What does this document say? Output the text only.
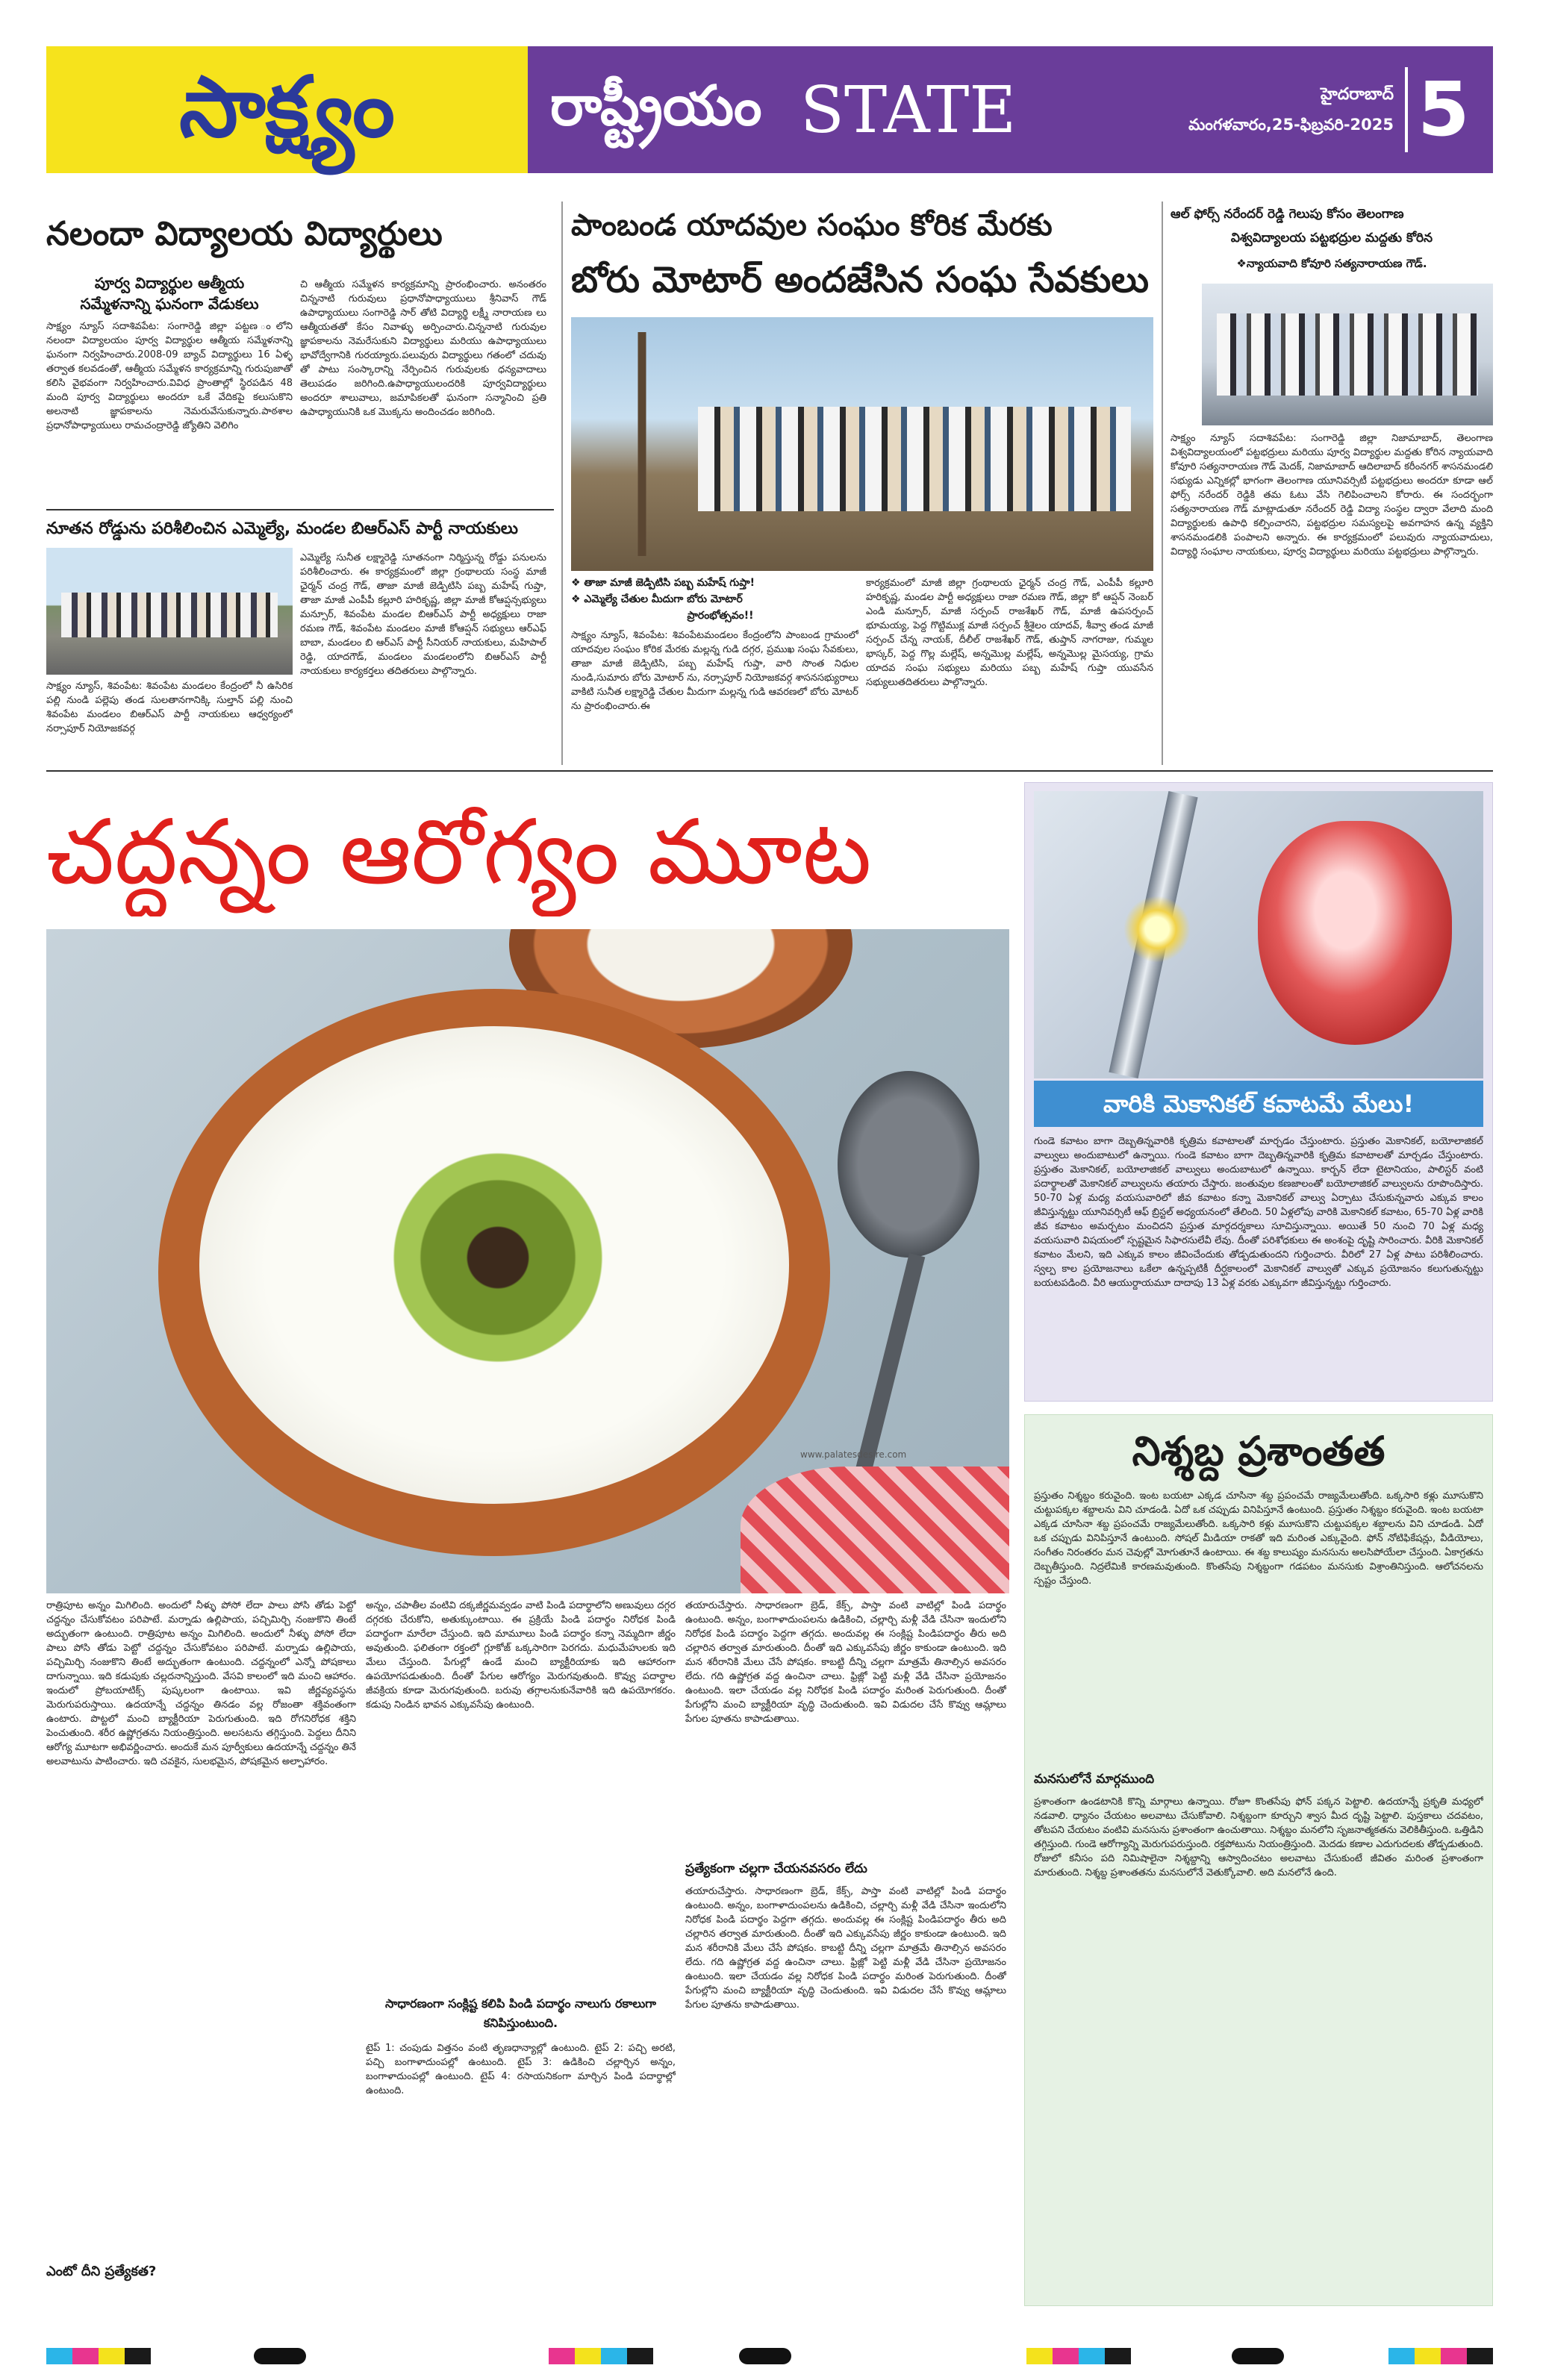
సాక్ష్యం	రాష్ట్రీయం STATE	హైదరాబాద్
మంగళవారం,25-ఫిబ్రవరి-2025 5
నలందా విద్యాలయ విద్యార్థులు
పూర్వ విద్యార్థుల ఆత్మీయ
సమ్మేళనాన్ని ఘనంగా వేడుకలు
సాక్ష్యం న్యూస్ సదాశివపేట: సంగారెడ్డి జిల్లా పట్టణ ంలోని నలందా విద్యాలయం పూర్వ విద్యార్థుల ఆత్మీయ సమ్మేళనాన్ని ఘనంగా నిర్వహించారు.2008-09 బ్యాచ్ విద్యార్థులు 16 ఏళ్ళ తర్వాత కలవడంతో, ఆత్మీయ సమ్మేళన కార్యక్రమాన్ని గురుపుజాతో కలిసి వైభవంగా నిర్వహించారు.వివిధ ప్రాంతాల్లో స్థిరపడిన 48 మంది పూర్వ విద్యార్థులు అందరూ ఒకే వేదికపై కలుసుకొని అలనాటి జ్ఞాపకాలను నెమరువేసుకున్నారు.పాఠశాల ప్రధానోపాధ్యాయులు రామచంద్రారెడ్డి జ్యోతిని వెలిగిం
చి ఆత్మీయ సమ్మేళన కార్యక్రమాన్ని ప్రారంభించారు. అనంతరం చిన్ననాటి గురువులు ప్రధానోపాధ్యాయులు శ్రీనివాస్ గౌడ్ ఉపాధ్యాయులు సంగారెడ్డి సార్ తోటి విద్యార్థి లక్ష్మీ నారాయణ లు ఆత్మీయతతో కేసం నివాళ్ళు అర్పించారు.చిన్ననాటి గురువుల జ్ఞాపకాలను నెమరేసుకుని విద్యార్థులు మరియు ఉపాధ్యాయులు భావోద్వేగానికి గురయ్యారు.పలువురు విద్యార్థులు గతంలో చదువు తో పాటు సంస్కారాన్ని నేర్పించిన గురువులకు ధన్యవాదాలు తెలుపడం జరిగింది.ఉపాధ్యాయులందరికి పూర్వవిద్యార్థులు అందరూ శాలువాలు, జమాపికలతో ఘనంగా సన్మానించి ప్రతి ఉపాధ్యాయునికి ఒక మొక్కను అందించడం జరిగింది.
నూతన రోడ్డును పరిశీలించిన ఎమ్మెల్యే, మండల బిఆర్ఎస్ పార్టీ నాయకులు
సాక్ష్యం న్యూస్, శివంపేట: శివంపేట మండలం కేంద్రంలో నీ ఉసిరిక పల్లి నుండి పల్లెపు తండ సులతానగానిక్కి సుల్తాన్ పల్లి నుంచి శివంపేట మండలం బిఆర్ఎస్ పార్టీ నాయకులు ఆధ్వర్యంలో నర్సాపూర్ నియోజకవర్గ
ఎమ్మెల్యే సునీత లక్ష్మారెడ్డి సూతనంగా నిర్మిస్తున్న రోడ్డు పనులను పరిశీలించారు. ఈ కార్యక్రమంలో జిల్లా గ్రంథాలయ సంస్థ మాజీ ఛైర్మన్ చంద్ర గౌడ్, తాజా మాజీ జెడ్పిటిసి పబ్బ మహేష్ గుప్తా, తాజా మాజీ ఎంపీపీ కల్లూరి హరికృష్ణ, జిల్లా మాజీ కోఆప్షన్సభ్యులు మన్సూర్, శివంపేట మండల బిఆర్ఎస్ పార్టీ అధ్యక్షులు రాజా రమణ గౌడ్, శివంపేట మండలం మాజీ కోఆప్షన్ సభ్యులు ఆర్ఎఫ్ బాబా, మండలం బి ఆర్ఎస్ పార్టీ సీనియర్ నాయకులు, మహిపాల్ రెడ్డి, యాదగౌడ్, మండలం మండలంలోని బిఆర్ఎస్ పార్టీ నాయకులు కార్యకర్తలు తదితరులు పాల్గొన్నారు.
పాంబండ యాదవుల సంఘం కోరిక మేరకు
బోరు మోటార్ అందజేసిన సంఘ సేవకులు
❖ తాజా మాజీ జెడ్పిటిసి పబ్బ మహేష్ గుప్తా!
❖ ఎమ్మెల్యే చేతుల మీదుగా బోరు మోటార్
ప్రారంభోత్సవం!!
సాక్ష్యం న్యూస్, శివంపేట: శివంపేటమండలం కేంద్రంలోని పాంబండ గ్రామంలో యాదవుల సంఘం కోరిక మేరకు మల్లన్న గుడి దగ్గర, ప్రముఖ సంఘ సేవకులు, తాజా మాజీ జెడ్పిటిసి, పబ్బ మహేష్ గుప్తా, వారి సొంత నిధుల నుండి,సుమారు బోరు మోటార్ ను, నర్సాపూర్ నియోజకవర్గ శాసనసభ్యురాలు వాకిటి సునీత లక్ష్మారెడ్డి చేతుల మీదుగా మల్లన్న గుడి ఆవరణలో బోరు మోటర్ ను ప్రారంభించారు.ఈ
కార్యక్రమంలో మాజీ జిల్లా గ్రంథాలయ ఛైర్మన్ చంద్ర గౌడ్, ఎంపీపీ కల్లూరి హరికృష్ణ, మండల పార్టీ అధ్యక్షులు రాజా రమణ గౌడ్, జిల్లా కో ఆప్షన్ నెంబర్ ఎండి మన్సూర్, మాజీ సర్పంచ్ రాజశేఖర్ గౌడ్, మాజీ ఉపసర్పంచ్ భూమయ్య, పెద్ద గొట్టిముక్ల మాజీ సర్పంచ్ శ్రీశైలం యాదవ్, శీవ్వా తండ మాజీ సర్పంచ్ చేన్న నాయక్, దీలీల్ రాజశేఖర్ గౌడ్, తుప్తాన్ నాగరాజు, గుమ్మల భాస్కర్, పెద్ద గొల్ల మల్లేష్, అన్నమొల్ల మల్లేష్, అన్నమొల్ల మైసయ్య, గ్రామ యాదవ సంఘ సభ్యులు మరియు పబ్బ మహేష్ గుప్తా యువసేన సభ్యులుతదితరులు పాల్గొన్నారు.
ఆల్ ఫోర్స్ నరేందర్ రెడ్డి గెలుపు కోసం తెలంగాణ
విశ్వవిద్యాలయ పట్టభద్రుల మద్దతు కోరిన
❖న్యాయవాది కోవూరి సత్యనారాయణ గౌడ్.
సాక్ష్యం న్యూస్ సదాశివపేట: సంగారెడ్డి జిల్లా నిజామాబాద్, తెలంగాణ విశ్వవిద్యాలయంలో పట్టభద్రులు మరియు పూర్వ విద్యార్థుల మద్దతు కోరిన న్యాయవాది కోవూరి సత్యనారాయణ గౌడ్ మెదక్, నిజామాబాద్ ఆదిలాబాద్ కరీంనగర్ శాసనమండలి సభ్యుడు ఎన్నికల్లో భాగంగా తెలంగాణ యూనివర్సిటీ పట్టభద్రులు అందరూ కూడా ఆల్ ఫోర్స్ నరేందర్ రెడ్డికి తమ ఓటు వేసి గెలిపించాలని కోరారు. ఈ సందర్భంగా సత్యనారాయణ గౌడ్ మాట్లాడుతూ నరేందర్ రెడ్డి విద్యా సంస్థల ద్వారా వేలాది మంది విద్యార్థులకు ఉపాధి కల్పించారని, పట్టభద్రుల సమస్యలపై అవగాహన ఉన్న వ్యక్తిని శాసనమండలికి పంపాలని అన్నారు. ఈ కార్యక్రమంలో పలువురు న్యాయవాదులు, విద్యార్థి సంఘాల నాయకులు, పూర్వ విద్యార్థులు మరియు పట్టభద్రులు పాల్గొన్నారు.
చద్దన్నం ఆరోగ్యం మూట
www.palatesdesire.com
రాత్రిపూట అన్నం మిగిలింది. అందులో నీళ్ళు పోసో లేదా పాలు పోసి తోడు పెట్టో చద్దన్నం చేసుకోవటం పరిపాటే. మర్నాడు ఉల్లిపాయ, పచ్చిమిర్చి నంజుకొని తింటే అద్భుతంగా ఉంటుంది. రాత్రిపూట అన్నం మిగిలింది. అందులో నీళ్ళు పోసో లేదా పాలు పోసి తోడు పెట్టో చద్దన్నం చేసుకోవటం పరిపాటే. మర్నాడు ఉల్లిపాయ, పచ్చిమిర్చి నంజుకొని తింటే అద్భుతంగా ఉంటుంది. చద్దన్నంలో ఎన్నో పోషకాలు దాగున్నాయి. ఇది కడుపుకు చల్లదనాన్నిస్తుంది. వేసవి కాలంలో ఇది మంచి ఆహారం. ఇందులో ప్రోబయాటిక్స్ పుష్కలంగా ఉంటాయి. ఇవి జీర్ణవ్యవస్థను మెరుగుపరుస్తాయి. ఉదయాన్నే చద్దన్నం తినడం వల్ల రోజంతా శక్తివంతంగా ఉంటారు. పొట్టలో మంచి బ్యాక్టీరియా పెరుగుతుంది. ఇది రోగనిరోధక శక్తిని పెంచుతుంది. శరీర ఉష్ణోగ్రతను నియంత్రిస్తుంది. అలసటను తగ్గిస్తుంది. పెద్దలు దీనిని ఆరోగ్య మూటగా అభివర్ణించారు. అందుకే మన పూర్వీకులు ఉదయాన్నే చద్దన్నం తినే అలవాటును పాటించారు. ఇది చవకైన, సులభమైన, పోషకమైన అల్పాహారం.
ఎంటో దీని ప్రత్యేకత?
అన్నం, చపాతీల వంటివి దక్కజీర్ణమవ్వడం వాటి పిండి పదార్థాలోని అణువులు దగ్గర దగ్గరకు చేరుకోని, అతుక్కుంటాయి. ఈ ప్రక్రియే పిండి పదార్థం నిరోధక పిండి పదార్థంగా మారేలా చేస్తుంది. ఇది మామూలు పిండి పదార్థం కన్నా నెమ్మదిగా జీర్ణం అవుతుంది. ఫలితంగా రక్తంలో గ్లూకోజ్ ఒక్కసారిగా పెరగదు. మధుమేహులకు ఇది మేలు చేస్తుంది. పేగుల్లో ఉండే మంచి బ్యాక్టీరియాకు ఇది ఆహారంగా ఉపయోగపడుతుంది. దీంతో పేగుల ఆరోగ్యం మెరుగవుతుంది. కొవ్వు పదార్థాల జీవక్రియ కూడా మెరుగవుతుంది. బరువు తగ్గాలనుకునేవారికి ఇది ఉపయోగకరం. కడుపు నిండిన భావన ఎక్కువసేపు ఉంటుంది.
సాధారణంగా సంక్లిష్ట కలిపి పిండి పదార్థం నాలుగు రకాలుగా కనిపిస్తుంటుంది.
టైప్ 1: చంపుడు విత్తనం వంటి తృణధాన్యాల్లో ఉంటుంది. టైప్ 2: పచ్చి అరటి, పచ్చి బంగాళాదుంపల్లో ఉంటుంది. టైప్ 3: ఉడికించి చల్లార్చిన అన్నం, బంగాళాదుంపల్లో ఉంటుంది. టైప్ 4: రసాయనికంగా మార్చిన పిండి పదార్థాల్లో ఉంటుంది.
తయారుచేస్తారు. సాధారణంగా బ్రెడ్, కేక్స్, పాస్తా వంటి వాటిల్లో పిండి పదార్థం ఉంటుంది. అన్నం, బంగాళాదుంపలను ఉడికించి, చల్లార్చి మళ్లీ వేడి చేసినా ఇందులోని నిరోధక పిండి పదార్థం పెద్దగా తగ్గదు. అందువల్ల ఈ సంక్లిష్ట పిండిపదార్థం తీరు అది చల్లారిన తర్వాత మారుతుంది. దీంతో ఇది ఎక్కువసేపు జీర్ణం కాకుండా ఉంటుంది. ఇది మన శరీరానికి మేలు చేసే పోషకం. కాబట్టి దీన్ని చల్లగా మాత్రమే తినాల్సిన అవసరం లేదు. గది ఉష్ణోగ్రత వద్ద ఉంచినా చాలు. ఫ్రిజ్లో పెట్టి మళ్లీ వేడి చేసినా ప్రయోజనం ఉంటుంది. ఇలా చేయడం వల్ల నిరోధక పిండి పదార్థం మరింత పెరుగుతుంది. దీంతో పేగుల్లోని మంచి బ్యాక్టీరియా వృద్ధి చెందుతుంది. ఇవి విడుదల చేసే కొవ్వు ఆమ్లాలు పేగుల పూతను కాపాడుతాయి.
ప్రత్యేకంగా చల్లగా చేయనవసరం లేదు
తయారుచేస్తారు. సాధారణంగా బ్రెడ్, కేక్స్, పాస్తా వంటి వాటిల్లో పిండి పదార్థం ఉంటుంది. అన్నం, బంగాళాదుంపలను ఉడికించి, చల్లార్చి మళ్లీ వేడి చేసినా ఇందులోని నిరోధక పిండి పదార్థం పెద్దగా తగ్గదు. అందువల్ల ఈ సంక్లిష్ట పిండిపదార్థం తీరు అది చల్లారిన తర్వాత మారుతుంది. దీంతో ఇది ఎక్కువసేపు జీర్ణం కాకుండా ఉంటుంది. ఇది మన శరీరానికి మేలు చేసే పోషకం. కాబట్టి దీన్ని చల్లగా మాత్రమే తినాల్సిన అవసరం లేదు. గది ఉష్ణోగ్రత వద్ద ఉంచినా చాలు. ఫ్రిజ్లో పెట్టి మళ్లీ వేడి చేసినా ప్రయోజనం ఉంటుంది. ఇలా చేయడం వల్ల నిరోధక పిండి పదార్థం మరింత పెరుగుతుంది. దీంతో పేగుల్లోని మంచి బ్యాక్టీరియా వృద్ధి చెందుతుంది. ఇవి విడుదల చేసే కొవ్వు ఆమ్లాలు పేగుల పూతను కాపాడుతాయి.
వారికి మెకానికల్ కవాటమే మేలు!
గుండె కవాటం బాగా దెబ్బతిన్నవారికి కృత్రిమ కవాటాలతో మార్చడం చేస్తుంటారు. ప్రస్తుతం మెకానికల్, బయోలాజికల్ వాల్వులు అందుబాటులో ఉన్నాయి. గుండె కవాటం బాగా దెబ్బతిన్నవారికి కృత్రిమ కవాటాలతో మార్చడం చేస్తుంటారు. ప్రస్తుతం మెకానికల్, బయోలాజికల్ వాల్వులు అందుబాటులో ఉన్నాయి. కార్బన్ లేదా టైటానియం, పాలిస్టర్ వంటి పదార్థాలతో మెకానికల్ వాల్వులను తయారు చేస్తారు. జంతువుల కణజాలంతో బయోలాజికల్ వాల్వులను రూపొందిస్తారు. 50-70 ఏళ్ల మధ్య వయసువారిలో జీవ కవాటం కన్నా మెకానికల్ వాల్వు ఏర్పాటు చేసుకున్నవారు ఎక్కువ కాలం జీవిస్తున్నట్టు యూనివర్సిటీ ఆఫ్ బ్రిస్టల్ అధ్యయనంలో తేలింది. 50 ఏళ్లలోపు వారికి మెకానికల్ కవాటం, 65-70 ఏళ్ల వారికి జీవ కవాటం అమర్చటం మంచిదని ప్రస్తుత మార్గదర్శకాలు సూచిస్తున్నాయి. అయితే 50 నుంచి 70 ఏళ్ల మధ్య వయసువారి విషయంలో స్పష్టమైన సిఫారసులేవీ లేవు. దీంతో పరిశోధకులు ఈ అంశంపై దృష్టి సారించారు. వీరికి మెకానికల్ కవాటం మేలని, ఇది ఎక్కువ కాలం జీవించేందుకు తోడ్పడుతుందని గుర్తించారు. వీరిలో 27 ఏళ్ల పాటు పరిశీలించారు. స్వల్ప కాల ప్రయోజనాలు ఒకేలా ఉన్నప్పటికీ దీర్ఘకాలంలో మెకానికల్ వాల్వుతో ఎక్కువ ప్రయోజనం కలుగుతున్నట్టు బయటపడింది. వీరి ఆయుర్దాయమూ దాదాపు 13 ఏళ్ల వరకు ఎక్కువగా జీవిస్తున్నట్టు గుర్తించారు.
నిశ్శబ్ద ప్రశాంతత
ప్రస్తుతం నిశ్శబ్దం కరువైంది. ఇంట బయటా ఎక్కడ చూసినా శబ్ద ప్రపంచమే రాజ్యమేలుతోంది. ఒక్కసారి కళ్లు మూసుకొని చుట్టుపక్కల శబ్దాలను విని చూడండి. ఏదో ఒక చప్పుడు వినిపిస్తూనే ఉంటుంది. ప్రస్తుతం నిశ్శబ్దం కరువైంది. ఇంట బయటా ఎక్కడ చూసినా శబ్ద ప్రపంచమే రాజ్యమేలుతోంది. ఒక్కసారి కళ్లు మూసుకొని చుట్టుపక్కల శబ్దాలను విని చూడండి. ఏదో ఒక చప్పుడు వినిపిస్తూనే ఉంటుంది. సోషల్ మీడియా రాకతో ఇది మరింత ఎక్కువైంది. ఫోన్ నోటిఫికేషన్లు, వీడియోలు, సంగీతం నిరంతరం మన చెవుల్లో మోగుతూనే ఉంటాయి. ఈ శబ్ద కాలుష్యం మనసును అలసిపోయేలా చేస్తుంది. ఏకాగ్రతను దెబ్బతీస్తుంది. నిద్రలేమికి కారణమవుతుంది. కొంతసేపు నిశ్శబ్దంగా గడపటం మనసుకు విశ్రాంతినిస్తుంది. ఆలోచనలను స్పష్టం చేస్తుంది.
మనసులోనే మార్గముంది
ప్రశాంతంగా ఉండటానికి కొన్ని మార్గాలు ఉన్నాయి. రోజూ కొంతసేపు ఫోన్ పక్కన పెట్టాలి. ఉదయాన్నే ప్రకృతి మధ్యలో నడవాలి. ధ్యానం చేయటం అలవాటు చేసుకోవాలి. నిశ్శబ్దంగా కూర్చుని శ్వాస మీద దృష్టి పెట్టాలి. పుస్తకాలు చదవటం, తోటపని చేయటం వంటివి మనసును ప్రశాంతంగా ఉంచుతాయి. నిశ్శబ్దం మనలోని సృజనాత్మకతను వెలికితీస్తుంది. ఒత్తిడిని తగ్గిస్తుంది. గుండె ఆరోగ్యాన్ని మెరుగుపరుస్తుంది. రక్తపోటును నియంత్రిస్తుంది. మెదడు కణాల ఎదుగుదలకు తోడ్పడుతుంది. రోజులో కనీసం పది నిమిషాలైనా నిశ్శబ్దాన్ని ఆస్వాదించటం అలవాటు చేసుకుంటే జీవితం మరింత ప్రశాంతంగా మారుతుంది. నిశ్శబ్ద ప్రశాంతతను మనసులోనే వెతుక్కోవాలి. అది మనలోనే ఉంది.
